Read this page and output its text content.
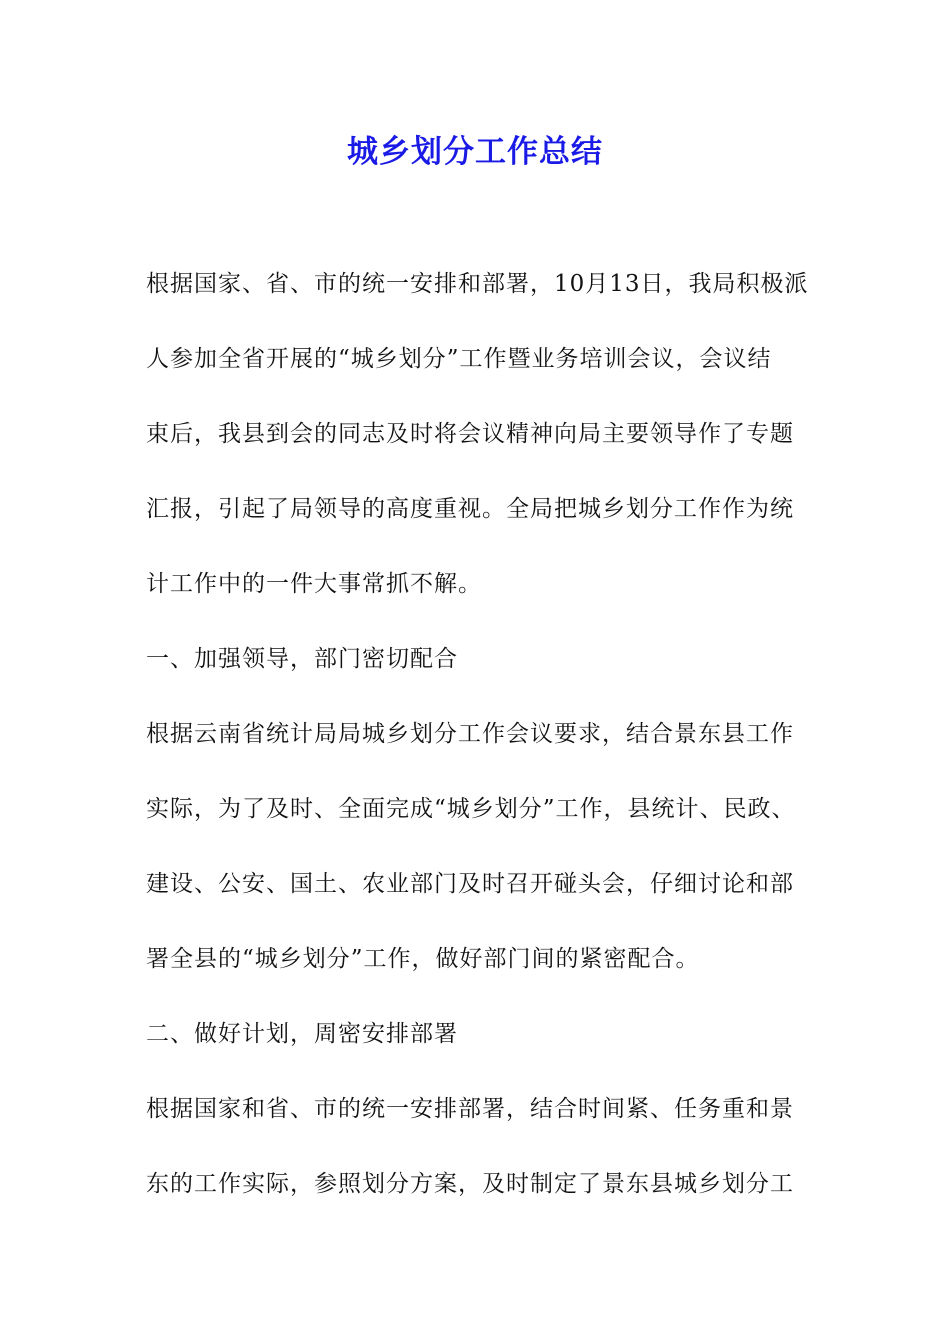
城乡划分工作总结
根据国家、省、市的统一安排和部署，10月13日，我局积极派
人参加全省开展的“城乡划分”工作暨业务培训会议，会议结
束后，我县到会的同志及时将会议精神向局主要领导作了专题
汇报，引起了局领导的高度重视。全局把城乡划分工作作为统
计工作中的一件大事常抓不解。
一、加强领导，部门密切配合
根据云南省统计局局城乡划分工作会议要求，结合景东县工作
实际，为了及时、全面完成“城乡划分”工作，县统计、民政、
建设、公安、国土、农业部门及时召开碰头会，仔细讨论和部
署全县的“城乡划分”工作，做好部门间的紧密配合。
二、做好计划，周密安排部署
根据国家和省、市的统一安排部署，结合时间紧、任务重和景
东的工作实际，参照划分方案，及时制定了景东县城乡划分工
